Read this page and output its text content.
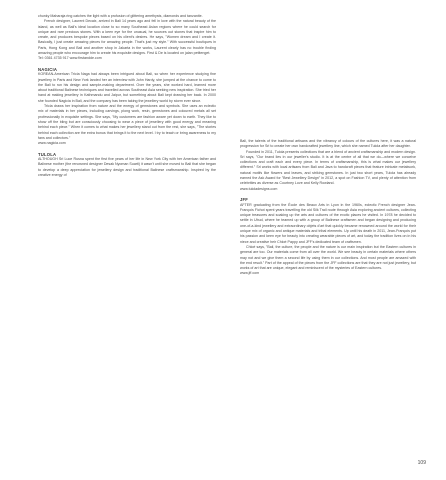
chunky Maharaja ring catches the light with a profusion of glittering amethysts, diamonds and tanzanite.

French designer, Laurent Decaix, arrived in Bali 14 years ago and fell in love with the natural beauty of the island, as well as Bali's ideal location close to so many Southeast Asian regions where he could search for unique and rare precious stones. With a keen eye for the unusual, he sources out stones that inspire him to create, and produces bespoke pieces based on his client's desires. He says, "Women dream and I create it. Basically, I just create amazing pieces for amazing people. That's just my style." With successful boutiques in Paris, Hong Kong and Bali and another shop in Jakarta in the works, Laurent clearly has no trouble finding amazing people who encourage him to create his exquisite designs. First & De is located on jalan petitenget.

Tel: 0361 4735 917 www.firstandde.com

NAGICIA

KOREAN-American Tricia Naga had always been intrigued about Bali, so when her experience studying fine jewellery in Paris and New York landed her an interview with John Hardy, she jumped at the chance to come to the Bali to run his design and sample-making department. Over the years, she worked hard, learned more about traditional Balinese techniques and travelled across Southeast Asia seeking new inspiration. She tried her hand at making jewellery in Kathmandu and Jaipur, but something about Bali kept drawing her back. In 2000 she founded Nagicia in Bali, and the company has been taking the jewellery world by storm ever since.

Tricia draws her inspiration from nature and the energy of gemstones and symbols. She uses an eclectic mix of materials in her pieces, including carvings, plong work, resin, gemstones and coloured metals all set professionally in exquisite settings. She says, "My customers are fashion aware yet down to earth. They like to show off the bling but are consciously choosing to wear a piece of jewellery with good energy and meaning behind each piece." When it comes to what makes her jewellery stand out from the rest, she says, "The stories behind each collection are the extra bonus that brings it to the next level. I try to teach or bring awareness to my fans and collectors."

www.nagicia.com

TULOLA

ALTHOUGH Sri Luce Rusna spent the first five years of her life in New York City with her American father and Balinese mother (the renowned designer Desak Nyoman Suarti) it wasn't until she moved to Bali that she began to develop a deep appreciation for jewellery design and traditional Balinese craftsmanship. Inspired by the creative energy of

Bali, the talents of the traditional artisans and the vibrancy of colours of the cultures here, it was a natural progression for Sri to create her own handcrafted jewellery line, which she named Tulola after her daughter.

Founded in 2011, Tulola presents collections that are a blend of ancient craftsmanship and modern design. Sri says, "Our brand lies in our jeweller's studio. It is at the centre of all that we do—where we conceive collections and craft each and every piece. In terms of craftsmanship, this is what makes our jewellery different." Sri works with local artisans from Bali and Java to handcraft pieces that feature intricate metalwork, natural motifs like flowers and leaves, and striking gemstones. In just two short years, Tulola has already earned the Ask Award for "Best Jewellery Design" in 2012, a spot on Fashion TV, and plenty of attention from celebrities as diverse as Courtney Love and Kelly Rowland.

www.tuloladesigns.com

JFF

AFTER graduating from the École des Beaux Arts in Lyon in the 1960s, eclectic French designer Jean-François Fichot spent years travelling the old Silk Trail route through Asia exploring ancient cultures, collecting unique treasures and soaking up the arts and cultures of the exotic places he visited. In 1978 he decided to settle in Ubud, where he teamed up with a group of Balinese craftsmen and began designing and producing one-of-a-kind jewellery and extraordinary objets d'art that quickly became renowned around the world for their unique mix of organic and antique materials and tribal elements. Up until his death in 2011, Jean-François put his passion and keen eye for beauty into creating wearable pieces of art, and today the tradition lives on in his niece and creative heir Chloé Pappy and JFF's dedicated team of craftsmen.

Chloé says, "Bali, the culture, the people and the nature is our main inspiration but the Eastern cultures in general are too. Our materials come from all over the world. We see beauty in certain materials where others may not and we give them a second life by using them in our collections. And most people are amazed with the end result." Part of the appeal of the pieces from the JFF collections are that they are not just jewellery, but works of art that are unique, elegant and reminiscent of the mysteries of Eastern cultures.

www.jff.com

109
